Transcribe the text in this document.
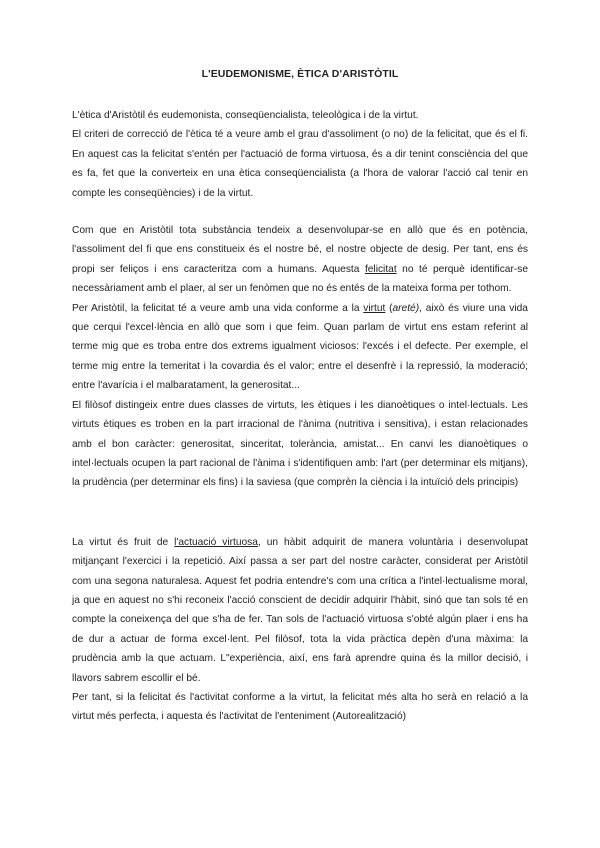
L'EUDEMONISME, ÈTICA D'ARISTÒTIL

L'ètica d'Aristòtil és eudemonista, conseqüencialista, teleològica i de la virtut.

El criteri de correcció de l'ètica té a veure amb el grau d'assoliment (o no) de la felicitat, que és el fi. En aquest cas la felicitat s'entén per l'actuació de forma virtuosa, és a dir tenint consciència del que es fa, fet que la converteix en una ètica conseqüencialista (a l'hora de valorar l'acció cal tenir en compte les conseqüències) i de la virtut.

Com que en Aristòtil tota substància tendeix a desenvolupar-se en allò que és en potència, l'assoliment del fi que ens constitueix és el nostre bé, el nostre objecte de desig. Per tant, ens és propi ser feliços i ens caracteritza com a humans. Aquesta felicitat no té perquè identificar-se necessàriament amb el plaer, al ser un fenòmen que no és entés de la mateixa forma per tothom.

Per Aristòtil, la felicitat té a veure amb una vida conforme a la virtut (areté), això és viure una vida que cerqui l'excel·lència en allò que som i que feim. Quan parlam de virtut ens estam referint al terme mig que es troba entre dos extrems igualment viciosos: l'excés i el defecte. Per exemple, el terme mig entre la temeritat i la covardia és el valor; entre el desenfrè i la repressió, la moderació; entre l'avarícia i el malbaratament, la generositat...

El filòsof distingeix entre dues classes de virtuts, les ètiques i les dianoètiques o intel·lectuals. Les virtuts ètiques es troben en la part irracional de l'ànima (nutritiva i sensitiva), i estan relacionades amb el bon caràcter: generositat, sinceritat, tolerància, amistat... En canvi les dianoètiques o intel·lectuals ocupen la part racional de l'ànima i s'identifiquen amb: l'art (per determinar els mitjans), la prudència (per determinar els fins) i la saviesa (que comprèn la ciència i la intuïció dels principis)

La virtut és fruit de l'actuació virtuosa, un hàbit adquirit de manera voluntària i desenvolupat mitjançant l'exercici i la repetició. Així passa a ser part del nostre caràcter, considerat per Aristòtil com una segona naturalesa. Aquest fet podria entendre's com una crítica a l'intel·lectualisme moral, ja que en aquest no s'hi reconeix l'acció conscient de decidir adquirir l'hàbit, sinó que tan sols té en compte la coneixença del que s'ha de fer. Tan sols de l'actuació virtuosa s'obté algún plaer i ens ha de dur a actuar de forma excel·lent. Pel filòsof, tota la vida pràctica depèn d'una màxima: la prudència amb la que actuam. L"experiència, així, ens farà aprendre quina és la millor decisió, i llavors sabrem escollir el bé.

Per tant, si la felicitat és l'activitat conforme a la virtut, la felicitat més alta ho serà en relació a la virtut més perfecta, i aquesta és l'activitat de l'enteniment (Autorealització)
